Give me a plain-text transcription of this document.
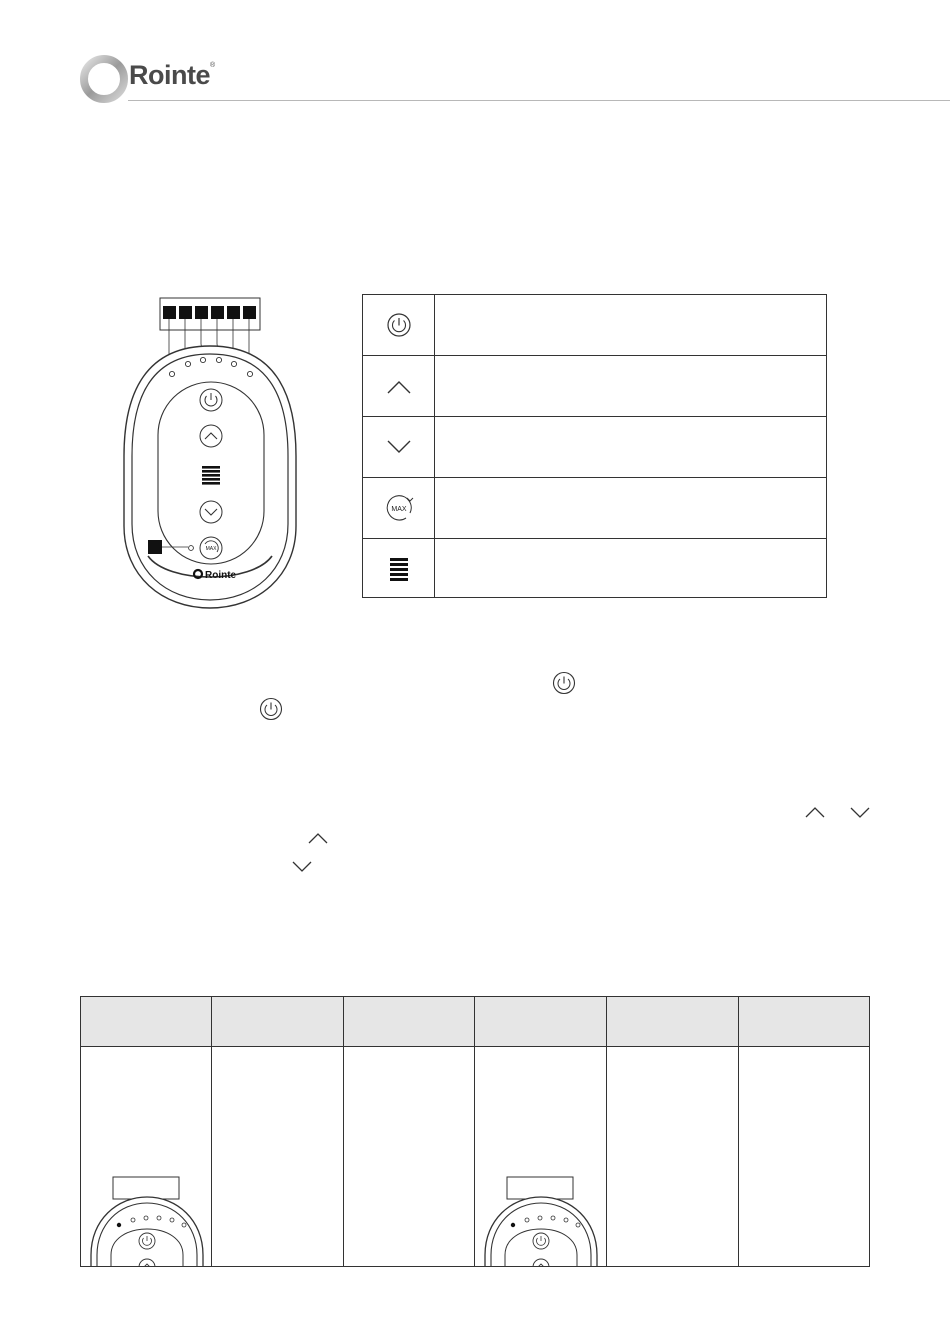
Rointe®
MAX
Rointe
MAX
